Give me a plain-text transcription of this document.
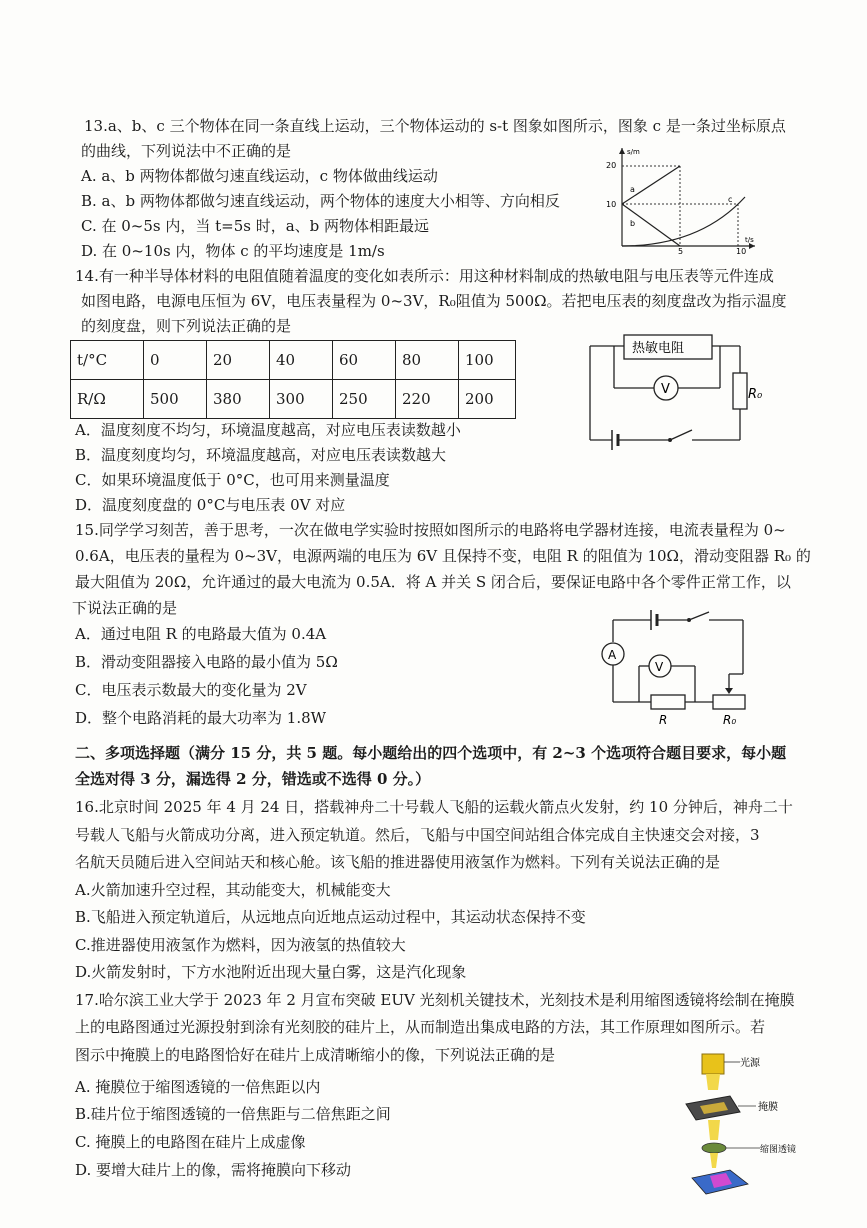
13.a、b、c 三个物体在同一条直线上运动，三个物体运动的 s-t 图象如图所示，图象 c 是一条过坐标原点
的曲线，下列说法中不正确的是
A. a、b 两物体都做匀速直线运动，c 物体做曲线运动
B. a、b 两物体都做匀速直线运动，两个物体的速度大小相等、方向相反
C. 在 0~5s 内，当 t=5s 时，a、b 两物体相距最远
D. 在 0~10s 内，物体 c 的平均速度是 1m/s
s/m
t/s
20
10
5	10
a
b
c
14.有一种半导体材料的电阻值随着温度的变化如表所示：用这种材料制成的热敏电阻与电压表等元件连成
如图电路，电源电压恒为 6V，电压表量程为 0~3V，R₀阻值为 500Ω。若把电压表的刻度盘改为指示温度
的刻度盘，则下列说法正确的是
t/°C	0	20	40	60	80	100
R/Ω	500	380	300	250	220	200
热敏电阻
R₀
V
A．温度刻度不均匀，环境温度越高，对应电压表读数越小
B．温度刻度均匀，环境温度越高，对应电压表读数越大
C．如果环境温度低于 0°C，也可用来测量温度
D．温度刻度盘的 0°C与电压表 0V 对应
15.同学学习刻苦，善于思考，一次在做电学实验时按照如图所示的电路将电学器材连接，电流表量程为 0~
0.6A，电压表的量程为 0~3V，电源两端的电压为 6V 且保持不变，电阻 R 的阻值为 10Ω，滑动变阻器 R₀ 的
最大阻值为 20Ω，允许通过的最大电流为 0.5A．将 A 并关 S 闭合后，要保证电路中各个零件正常工作，以
下说法正确的是
A．通过电阻 R 的电路最大值为 0.4A
B．滑动变阻器接入电路的最小值为 5Ω
C．电压表示数最大的变化量为 2V
D．整个电路消耗的最大功率为 1.8W
A
R	R₀
V
二、多项选择题（满分 15 分，共 5 题。每小题给出的四个选项中，有 2~3 个选项符合题目要求，每小题
全选对得 3 分，漏选得 2 分，错选或不选得 0 分。）
16.北京时间 2025 年 4 月 24 日，搭载神舟二十号载人飞船的运载火箭点火发射，约 10 分钟后，神舟二十
号载人飞船与火箭成功分离，进入预定轨道。然后，飞船与中国空间站组合体完成自主快速交会对接，3
名航天员随后进入空间站天和核心舱。该飞船的推进器使用液氢作为燃料。下列有关说法正确的是
A.火箭加速升空过程，其动能变大，机械能变大
B.飞船进入预定轨道后，从远地点向近地点运动过程中，其运动状态保持不变
C.推进器使用液氢作为燃料，因为液氢的热值较大
D.火箭发射时，下方水池附近出现大量白雾，这是汽化现象
17.哈尔滨工业大学于 2023 年 2 月宣布突破 EUV 光刻机关键技术，光刻技术是利用缩图透镜将绘制在掩膜
上的电路图通过光源投射到涂有光刻胶的硅片上，从而制造出集成电路的方法，其工作原理如图所示。若
图示中掩膜上的电路图恰好在硅片上成清晰缩小的像，下列说法正确的是
A. 掩膜位于缩图透镜的一倍焦距以内
B.硅片位于缩图透镜的一倍焦距与二倍焦距之间
C. 掩膜上的电路图在硅片上成虚像
D. 要增大硅片上的像，需将掩膜向下移动
光源
掩膜
缩图透镜
